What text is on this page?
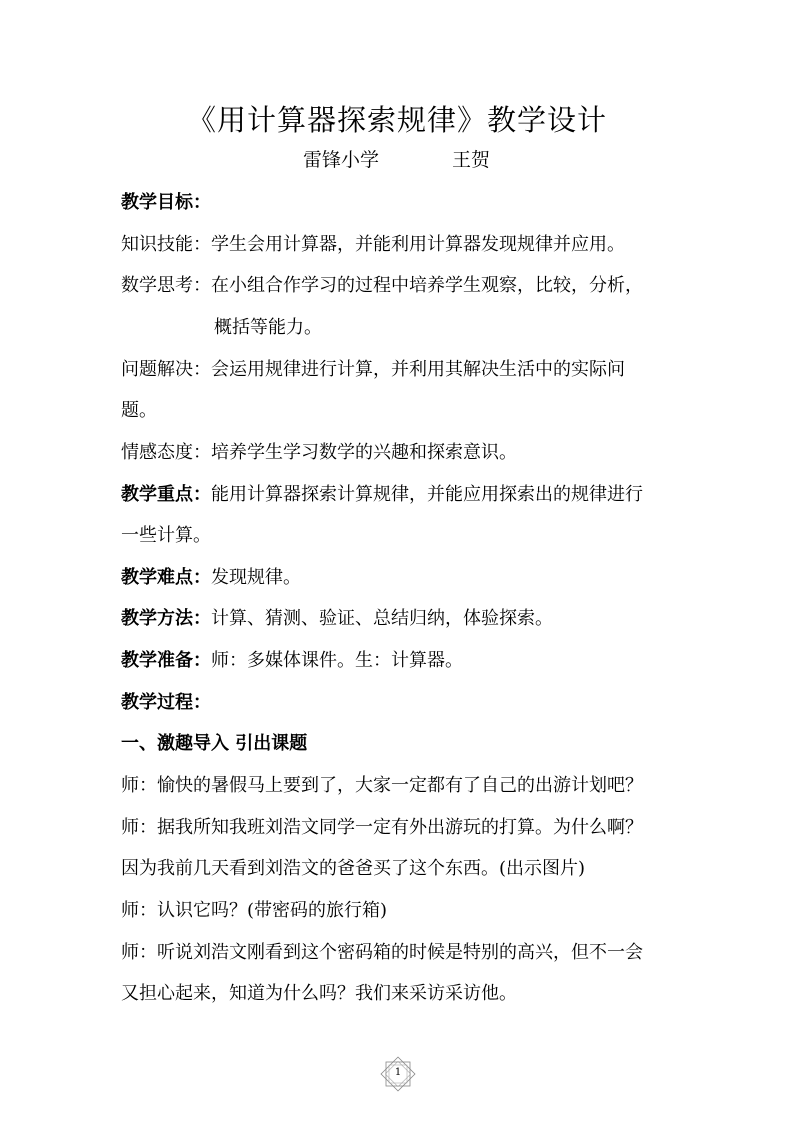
《用计算器探索规律》教学设计
雷锋小学	王贺
教学目标：
知识技能：学生会用计算器，并能利用计算器发现规律并应用。
数学思考：在小组合作学习的过程中培养学生观察，比较，分析，
概括等能力。
问题解决：会运用规律进行计算，并利用其解决生活中的实际问
题。
情感态度：培养学生学习数学的兴趣和探索意识。
教学重点：能用计算器探索计算规律，并能应用探索出的规律进行
一些计算。
教学难点：发现规律。
教学方法：计算、猜测、验证、总结归纳，体验探索。
教学准备：师：多媒体课件。生：计算器。
教学过程：
一、激趣导入 引出课题
师：愉快的暑假马上要到了，大家一定都有了自己的出游计划吧？
师：据我所知我班刘浩文同学一定有外出游玩的打算。为什么啊？
因为我前几天看到刘浩文的爸爸买了这个东西。(出示图片)
师：认识它吗？(带密码的旅行箱)
师：听说刘浩文刚看到这个密码箱的时候是特别的高兴，但不一会
又担心起来，知道为什么吗？我们来采访采访他。
1
